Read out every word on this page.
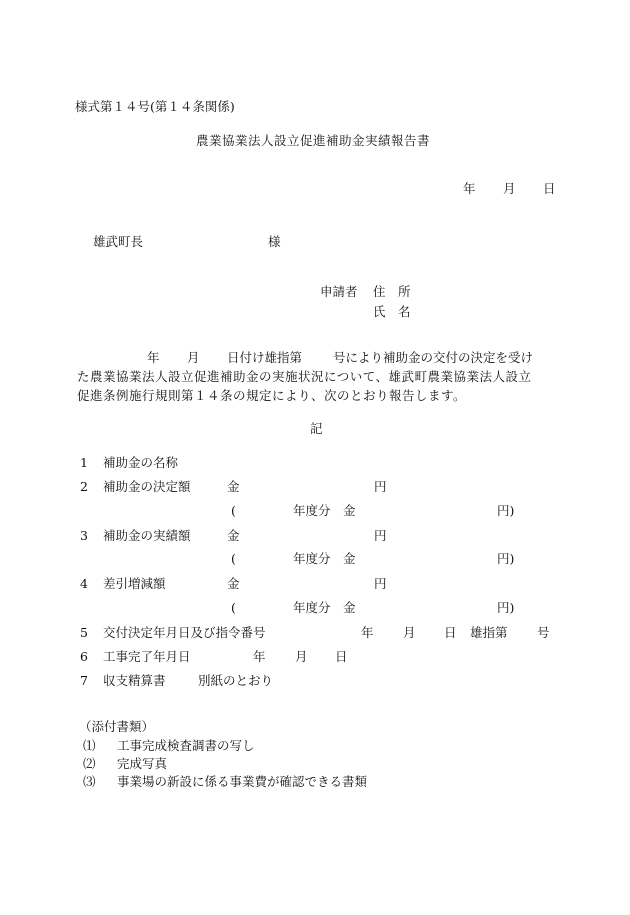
様式第１４号(第１４条関係)
農業協業法人設立促進補助金実績報告書
年 月 日
雄武町長	様
申請者 住　所
氏　名
年 月 日付け雄指第 号により補助金の交付の決定を受け
た農業協業法人設立促進補助金の実施状況について、雄武町農業協業法人設立
促進条例施行規則第１４条の規定により、次のとおり報告します。
記
1 補助金の名称
2 補助金の決定額	金	円
(	年度分　金	円)
3 補助金の実績額	金	円
(	年度分　金	円)
4 差引増減額	金	円
(	年度分　金	円)
5 交付決定年月日及び指令番号	年 月 日 雄指第 号
6 工事完了年月日	年 月 日
7 収支精算書	別紙のとおり
（添付書類）
⑴ 工事完成検査調書の写し
⑵ 完成写真
⑶ 事業場の新設に係る事業費が確認できる書類
